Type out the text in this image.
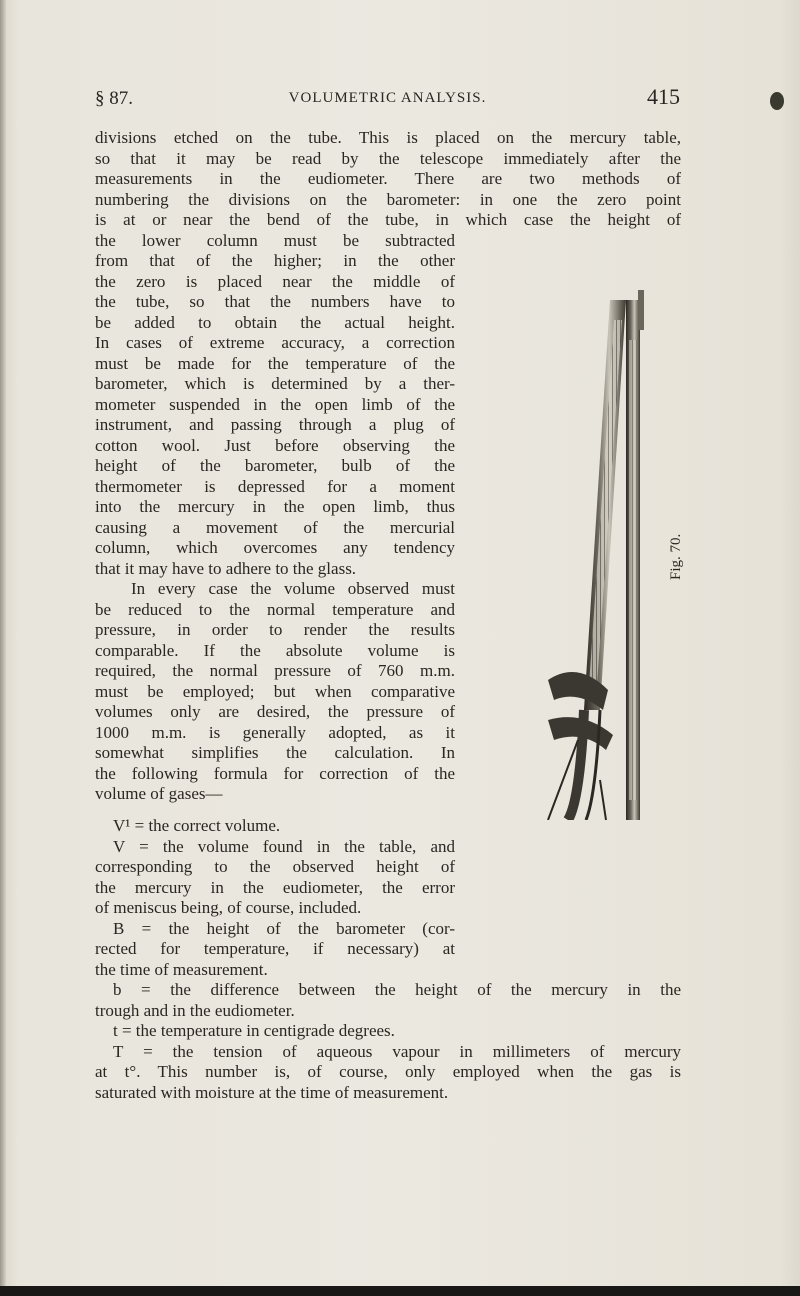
§ 87.	VOLUMETRIC ANALYSIS.	415
divisions etched on the tube. This is placed on the mercury table,
so that it may be read by the telescope immediately after the
measurements in the eudiometer. There are two methods of
numbering the divisions on the barometer: in one the zero point
is at or near the bend of the tube, in which case the height of
the lower column must be subtracted
from that of the higher; in the other
the zero is placed near the middle of
the tube, so that the numbers have to
be added to obtain the actual height.
In cases of extreme accuracy, a correction
must be made for the temperature of the
barometer, which is determined by a ther-
mometer suspended in the open limb of the
instrument, and passing through a plug of
cotton wool. Just before observing the
height of the barometer, bulb of the
thermometer is depressed for a moment
into the mercury in the open limb, thus
causing a movement of the mercurial
column, which overcomes any tendency
that it may have to adhere to the glass.
In every case the volume observed must
be reduced to the normal temperature and
pressure, in order to render the results
comparable. If the absolute volume is
required, the normal pressure of 760 m.m.
must be employed; but when comparative
volumes only are desired, the pressure of
1000 m.m. is generally adopted, as it
somewhat simplifies the calculation. In
the following formula for correction of the
volume of gases—
V¹ = the correct volume.
V = the volume found in the table, and
corresponding to the observed height of
the mercury in the eudiometer, the error
of meniscus being, of course, included.
B = the height of the barometer (cor-
rected for temperature, if necessary) at
the time of measurement.
b = the difference between the height of the mercury in the
trough and in the eudiometer.
t = the temperature in centigrade degrees.
T = the tension of aqueous vapour in millimeters of mercury
at t°. This number is, of course, only employed when the gas is
saturated with moisture at the time of measurement.
Fig. 70.
